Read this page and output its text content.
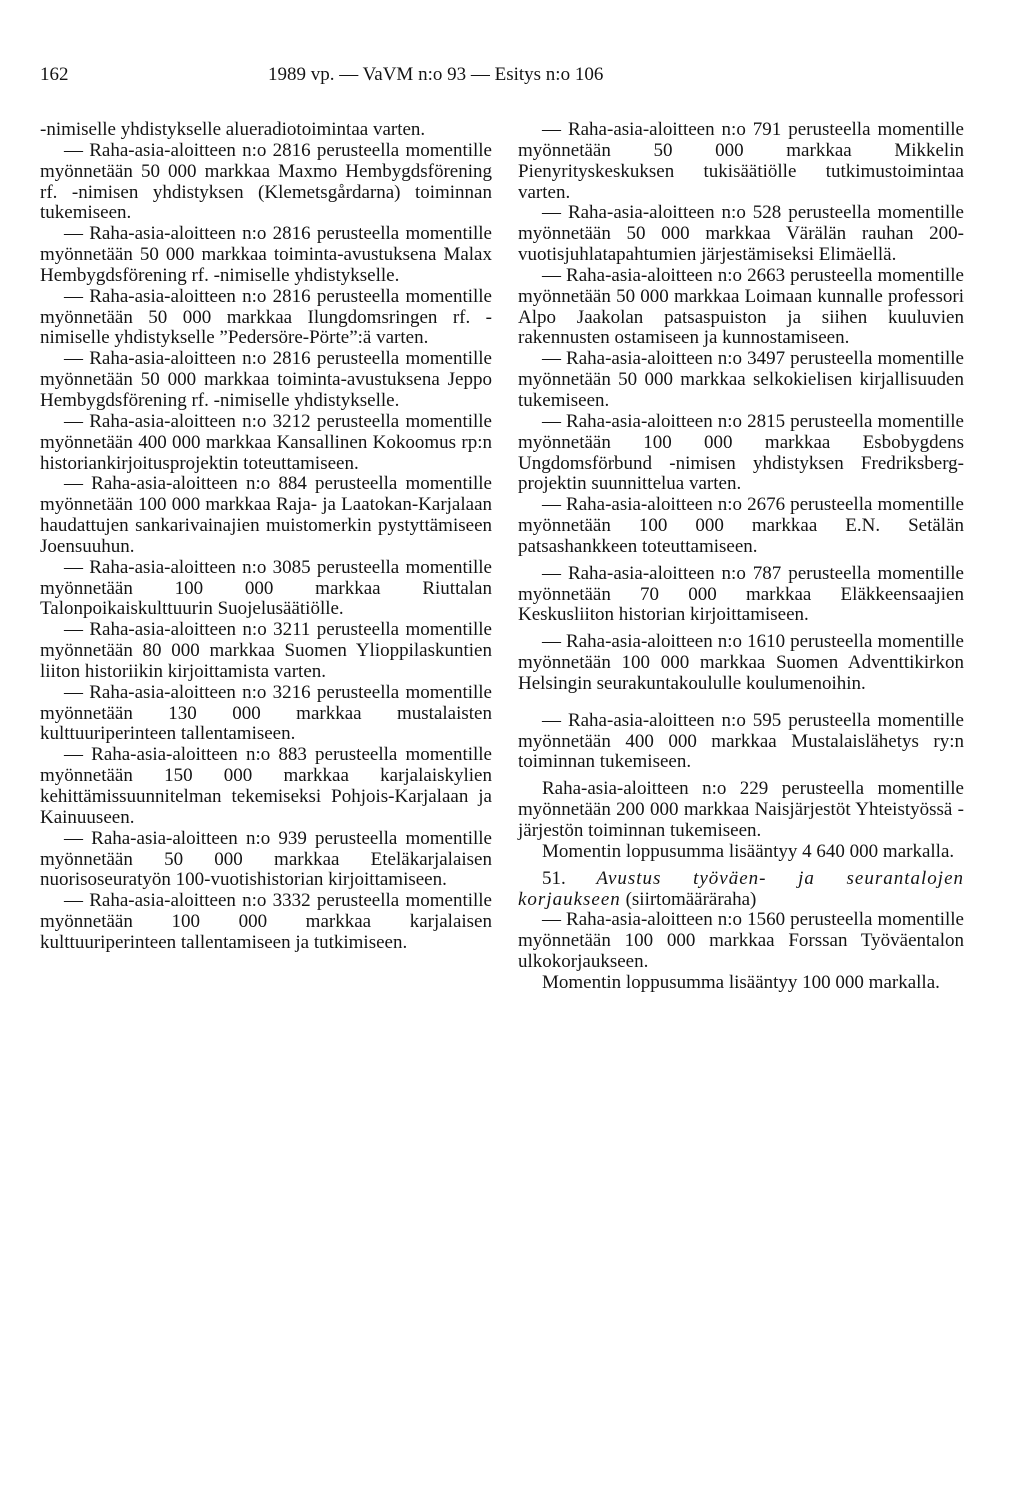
162	1989 vp. — VaVM n:o 93 — Esitys n:o 106

-nimiselle yhdistykselle alueradiotoimintaa varten.

— Raha-asia-aloitteen n:o 2816 perusteella momentille myönnetään 50 000 markkaa Maxmo Hembygdsförening rf. -nimisen yhdistyksen (Klemetsgårdarna) toiminnan tukemiseen.

— Raha-asia-aloitteen n:o 2816 perusteella momentille myönnetään 50 000 markkaa toiminta-avustuksena Malax Hembygdsförening rf. -nimiselle yhdistykselle.

— Raha-asia-aloitteen n:o 2816 perusteella momentille myönnetään 50 000 markkaa Ilungdomsringen rf. -nimiselle yhdistykselle ”Pedersöre-Pörte”:ä varten.

— Raha-asia-aloitteen n:o 2816 perusteella momentille myönnetään 50 000 markkaa toiminta-avustuksena Jeppo Hembygdsförening rf. -nimiselle yhdistykselle.

— Raha-asia-aloitteen n:o 3212 perusteella momentille myönnetään 400 000 markkaa Kansallinen Kokoomus rp:n historiankirjoitusprojektin toteuttamiseen.

— Raha-asia-aloitteen n:o 884 perusteella momentille myönnetään 100 000 markkaa Raja- ja Laatokan-Karjalaan haudattujen sankarivainajien muistomerkin pystyttämiseen Joensuuhun.

— Raha-asia-aloitteen n:o 3085 perusteella momentille myönnetään 100 000 markkaa Riuttalan Talonpoikaiskulttuurin Suojelusäätiölle.

— Raha-asia-aloitteen n:o 3211 perusteella momentille myönnetään 80 000 markkaa Suomen Ylioppilaskuntien liiton historiikin kirjoittamista varten.

— Raha-asia-aloitteen n:o 3216 perusteella momentille myönnetään 130 000 markkaa mustalaisten kulttuuriperinteen tallentamiseen.

— Raha-asia-aloitteen n:o 883 perusteella momentille myönnetään 150 000 markkaa karjalaiskylien kehittämissuunnitelman tekemiseksi Pohjois-Karjalaan ja Kainuuseen.

— Raha-asia-aloitteen n:o 939 perusteella momentille myönnetään 50 000 markkaa Eteläkarjalaisen nuorisoseuratyön 100-vuotishistorian kirjoittamiseen.

— Raha-asia-aloitteen n:o 3332 perusteella momentille myönnetään 100 000 markkaa karjalaisen kulttuuriperinteen tallentamiseen ja tutkimiseen.

— Raha-asia-aloitteen n:o 791 perusteella momentille myönnetään 50 000 markkaa Mikkelin Pienyrityskeskuksen tukisäätiölle tutkimustoimintaa varten.

— Raha-asia-aloitteen n:o 528 perusteella momentille myönnetään 50 000 markkaa Värälän rauhan 200-vuotisjuhlatapahtumien järjestämiseksi Elimäellä.

— Raha-asia-aloitteen n:o 2663 perusteella momentille myönnetään 50 000 markkaa Loimaan kunnalle professori Alpo Jaakolan patsaspuiston ja siihen kuuluvien rakennusten ostamiseen ja kunnostamiseen.

— Raha-asia-aloitteen n:o 3497 perusteella momentille myönnetään 50 000 markkaa selkokielisen kirjallisuuden tukemiseen.

— Raha-asia-aloitteen n:o 2815 perusteella momentille myönnetään 100 000 markkaa Esbobygdens Ungdomsförbund -nimisen yhdistyksen Fredriksberg-projektin suunnittelua varten.

— Raha-asia-aloitteen n:o 2676 perusteella momentille myönnetään 100 000 markkaa E.N. Setälän patsashankkeen toteuttamiseen.

— Raha-asia-aloitteen n:o 787 perusteella momentille myönnetään 70 000 markkaa Eläkkeensaajien Keskusliiton historian kirjoittamiseen.

— Raha-asia-aloitteen n:o 1610 perusteella momentille myönnetään 100 000 markkaa Suomen Adventtikirkon Helsingin seurakuntakoululle koulumenoihin.

— Raha-asia-aloitteen n:o 595 perusteella momentille myönnetään 400 000 markkaa Mustalaislähetys ry:n toiminnan tukemiseen.

Raha-asia-aloitteen n:o 229 perusteella momentille myönnetään 200 000 markkaa Naisjärjestöt Yhteistyössä -järjestön toiminnan tukemiseen.

Momentin loppusumma lisääntyy 4 640 000 markalla.

51. Avustus työväen- ja seurantalojen korjaukseen (siirtomääräraha)

— Raha-asia-aloitteen n:o 1560 perusteella momentille myönnetään 100 000 markkaa Forssan Työväentalon ulkokorjaukseen.

Momentin loppusumma lisääntyy 100 000 markalla.
